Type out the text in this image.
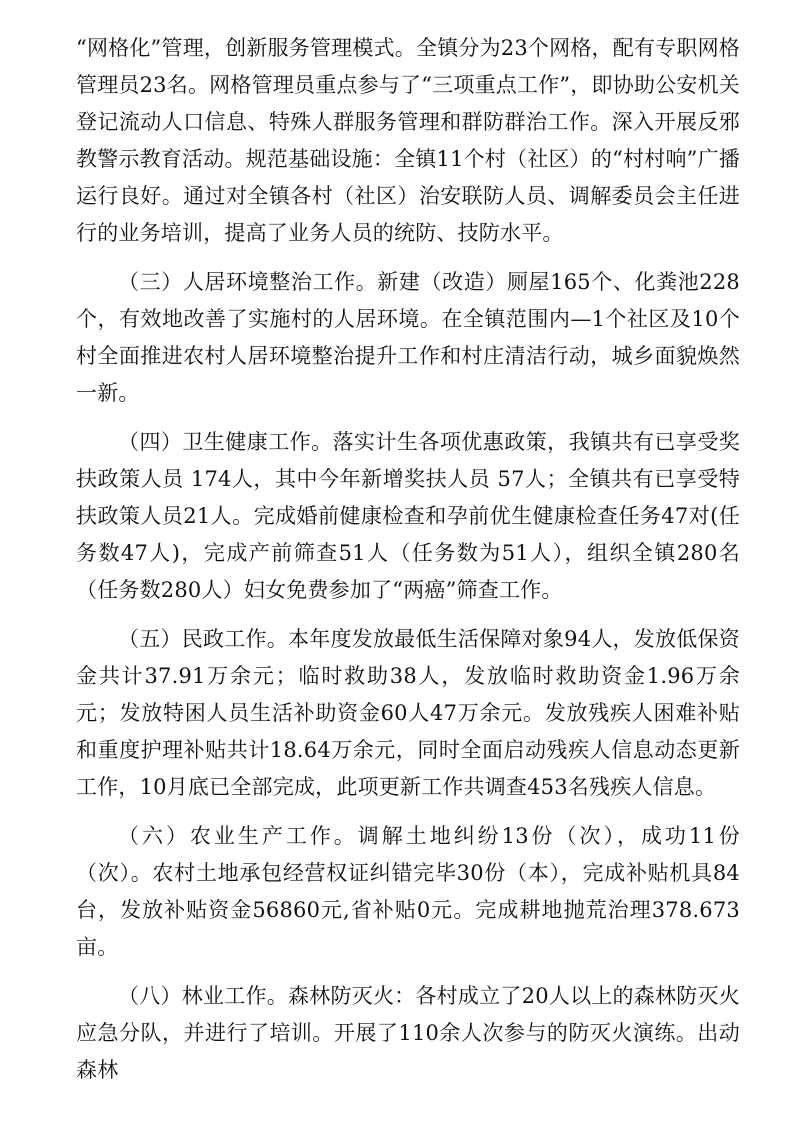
“网格化”管理，创新服务管理模式。全镇分为23个网格，配有专职网格管理员23名。网格管理员重点参与了“三项重点工作”，即协助公安机关登记流动人口信息、特殊人群服务管理和群防群治工作。深入开展反邪教警示教育活动。规范基础设施：全镇11个村（社区）的“村村响”广播运行良好。通过对全镇各村（社区）治安联防人员、调解委员会主任进行的业务培训，提高了业务人员的统防、技防水平。

（三）人居环境整治工作。新建（改造）厕屋165个、化粪池228个，有效地改善了实施村的人居环境。在全镇范围内—1个社区及10个村全面推进农村人居环境整治提升工作和村庄清洁行动，城乡面貌焕然一新。

（四）卫生健康工作。落实计生各项优惠政策，我镇共有已享受奖扶政策人员 174人，其中今年新增奖扶人员 57人；全镇共有已享受特扶政策人员21人。完成婚前健康检查和孕前优生健康检查任务47对(任务数47人)，完成产前筛查51人（任务数为51人），组织全镇280名（任务数280人）妇女免费参加了“两癌”筛查工作。

（五）民政工作。本年度发放最低生活保障对象94人，发放低保资金共计37.91万余元；临时救助38人，发放临时救助资金1.96万余元；发放特困人员生活补助资金60人47万余元。发放残疾人困难补贴和重度护理补贴共计18.64万余元，同时全面启动残疾人信息动态更新工作，10月底已全部完成，此项更新工作共调查453名残疾人信息。

（六）农业生产工作。调解土地纠纷13份（次），成功11份（次）。农村土地承包经营权证纠错完毕30份（本），完成补贴机具84台，发放补贴资金56860元,省补贴0元。完成耕地抛荒治理378.673亩。

（八）林业工作。森林防灭火：各村成立了20人以上的森林防灭火应急分队，并进行了培训。开展了110余人次参与的防灭火演练。出动森林
